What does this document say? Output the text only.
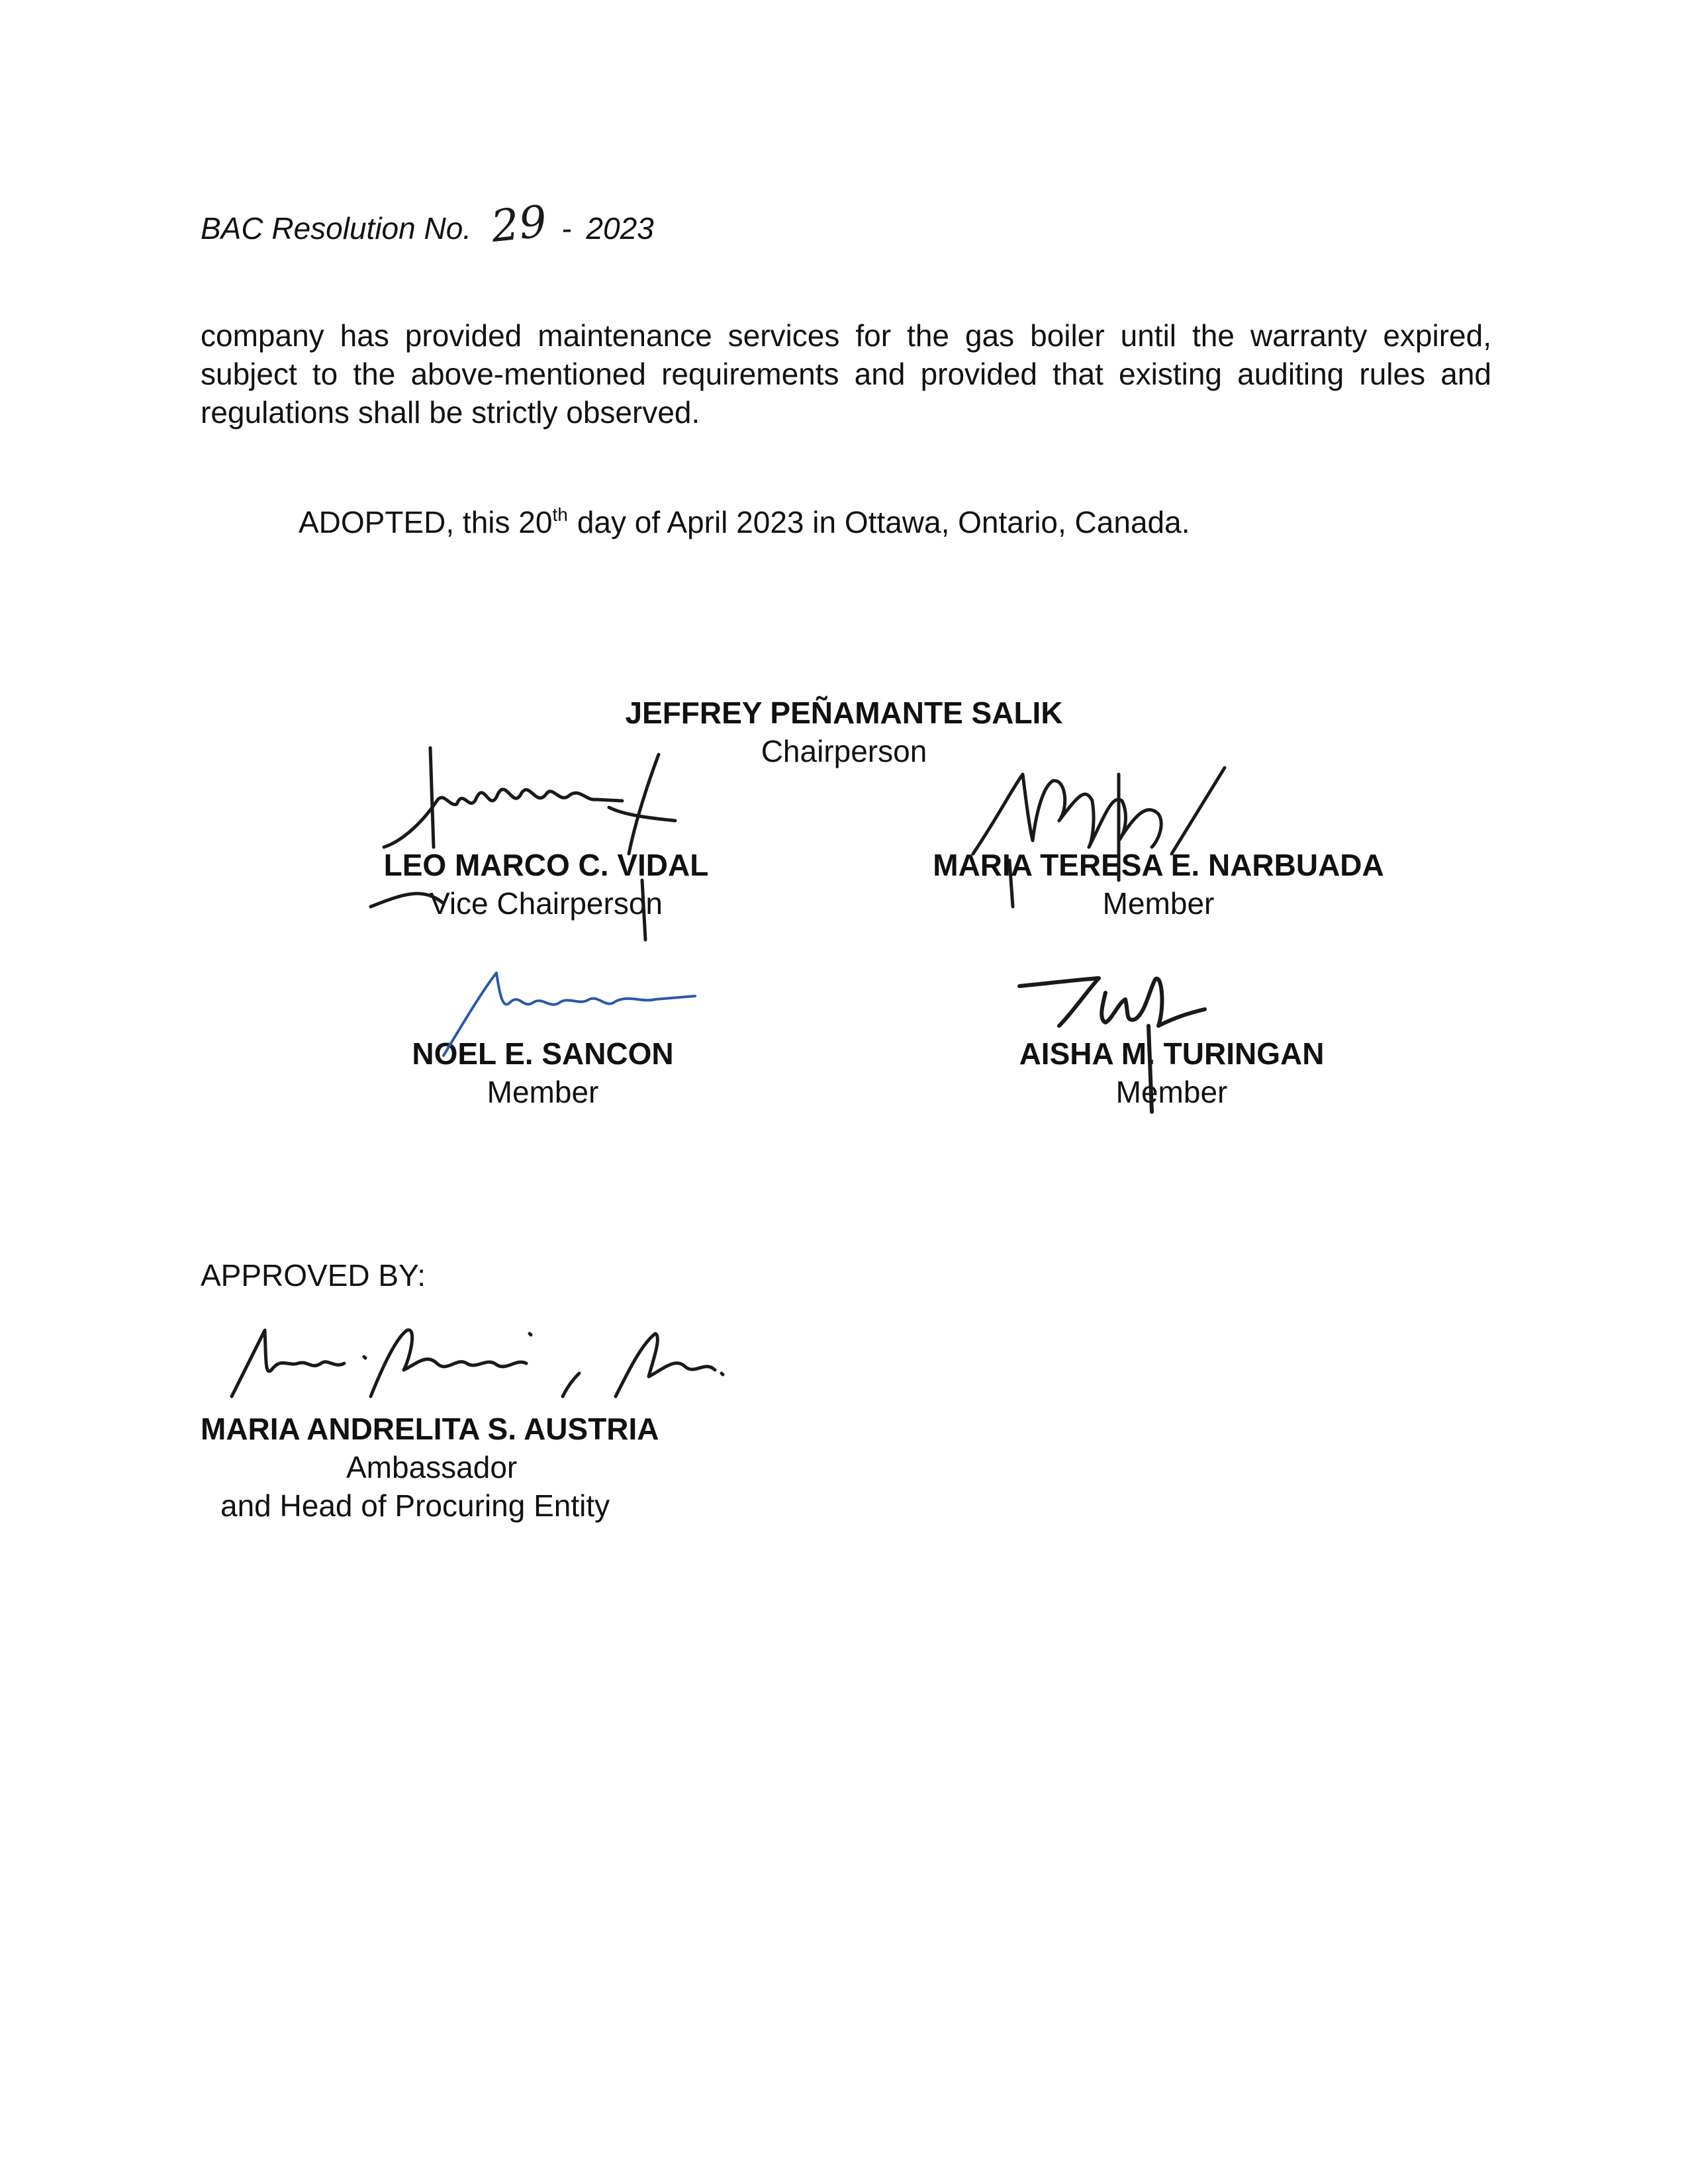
BAC Resolution No. 29 - 2023
company has provided maintenance services for the gas boiler until the warranty expired, subject to the above-mentioned requirements and provided that existing auditing rules and regulations shall be strictly observed.
ADOPTED, this 20th day of April 2023 in Ottawa, Ontario, Canada.
JEFFREY PEÑAMANTE SALIK
Chairperson
LEO MARCO C. VIDAL
Vice Chairperson
MARIA TERESA E. NARBUADA
Member
NOEL E. SANCON
Member
AISHA M. TURINGAN
Member
APPROVED BY:
MARIA ANDRELITA S. AUSTRIA
Ambassador
and Head of Procuring Entity
